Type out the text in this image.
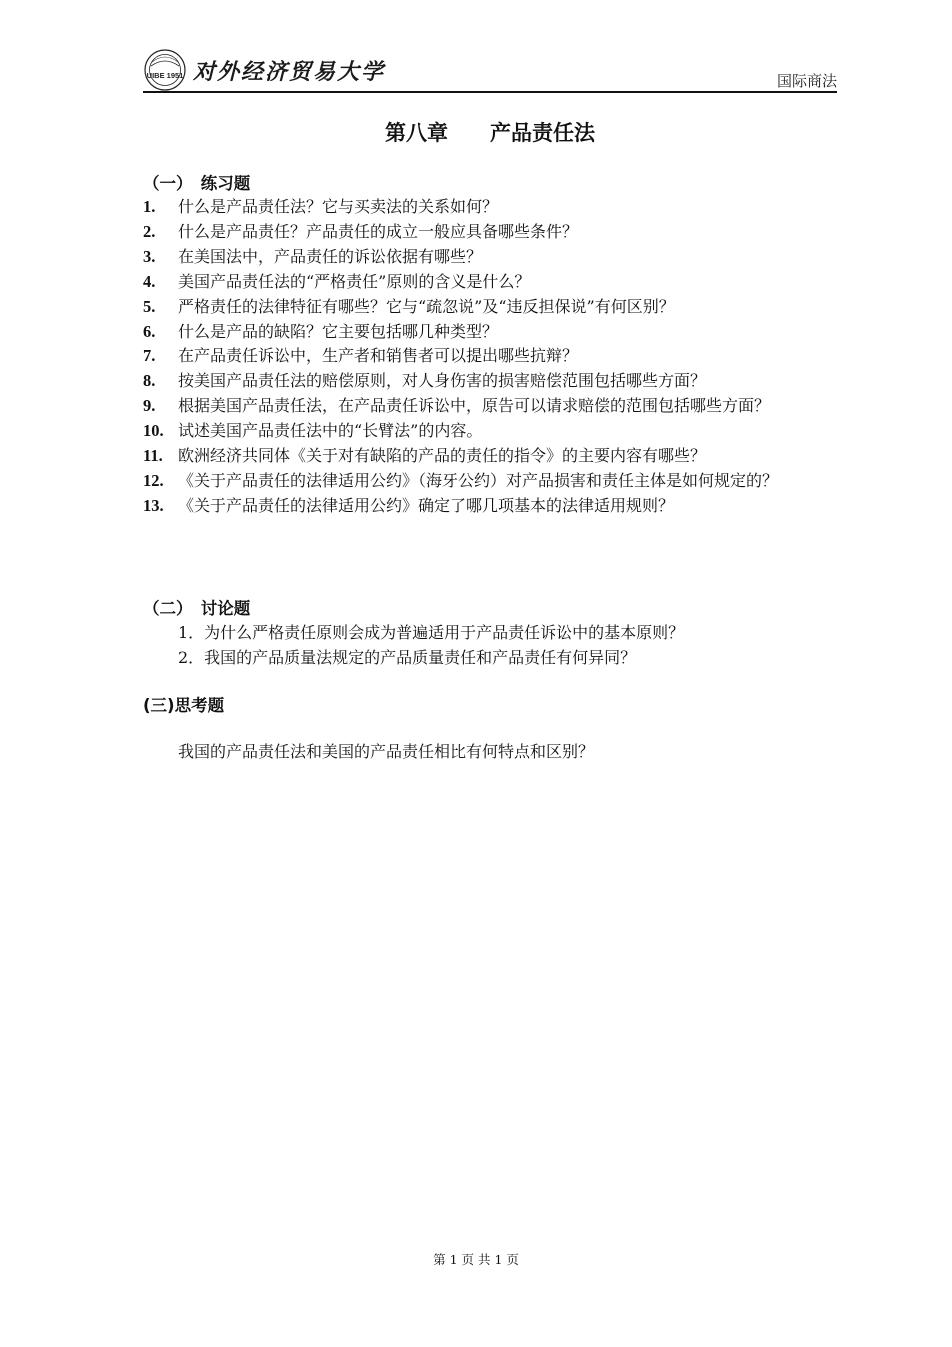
UIBE 1951 对外经济贸易大学	国际商法
第八章　　产品责任法
（一）　练习题
1. 什么是产品责任法？它与买卖法的关系如何？
2. 什么是产品责任？产品责任的成立一般应具备哪些条件？
3. 在美国法中，产品责任的诉讼依据有哪些？
4. 美国产品责任法的“严格责任”原则的含义是什么？
5. 严格责任的法律特征有哪些？它与“疏忽说”及“违反担保说”有何区别？
6. 什么是产品的缺陷？它主要包括哪几种类型？
7. 在产品责任诉讼中，生产者和销售者可以提出哪些抗辩？
8. 按美国产品责任法的赔偿原则，对人身伤害的损害赔偿范围包括哪些方面？
9. 根据美国产品责任法，在产品责任诉讼中，原告可以请求赔偿的范围包括哪些方面？
10. 试述美国产品责任法中的“长臂法”的内容。
11. 欧洲经济共同体《关于对有缺陷的产品的责任的指令》的主要内容有哪些？
12. 《关于产品责任的法律适用公约》（海牙公约）对产品损害和责任主体是如何规定的？
13. 《关于产品责任的法律适用公约》确定了哪几项基本的法律适用规则？
（二）　讨论题
1．为什么严格责任原则会成为普遍适用于产品责任诉讼中的基本原则？
2．我国的产品质量法规定的产品质量责任和产品责任有何异同？
(三)思考题
我国的产品责任法和美国的产品责任相比有何特点和区别？
第 1 页 共 1 页
